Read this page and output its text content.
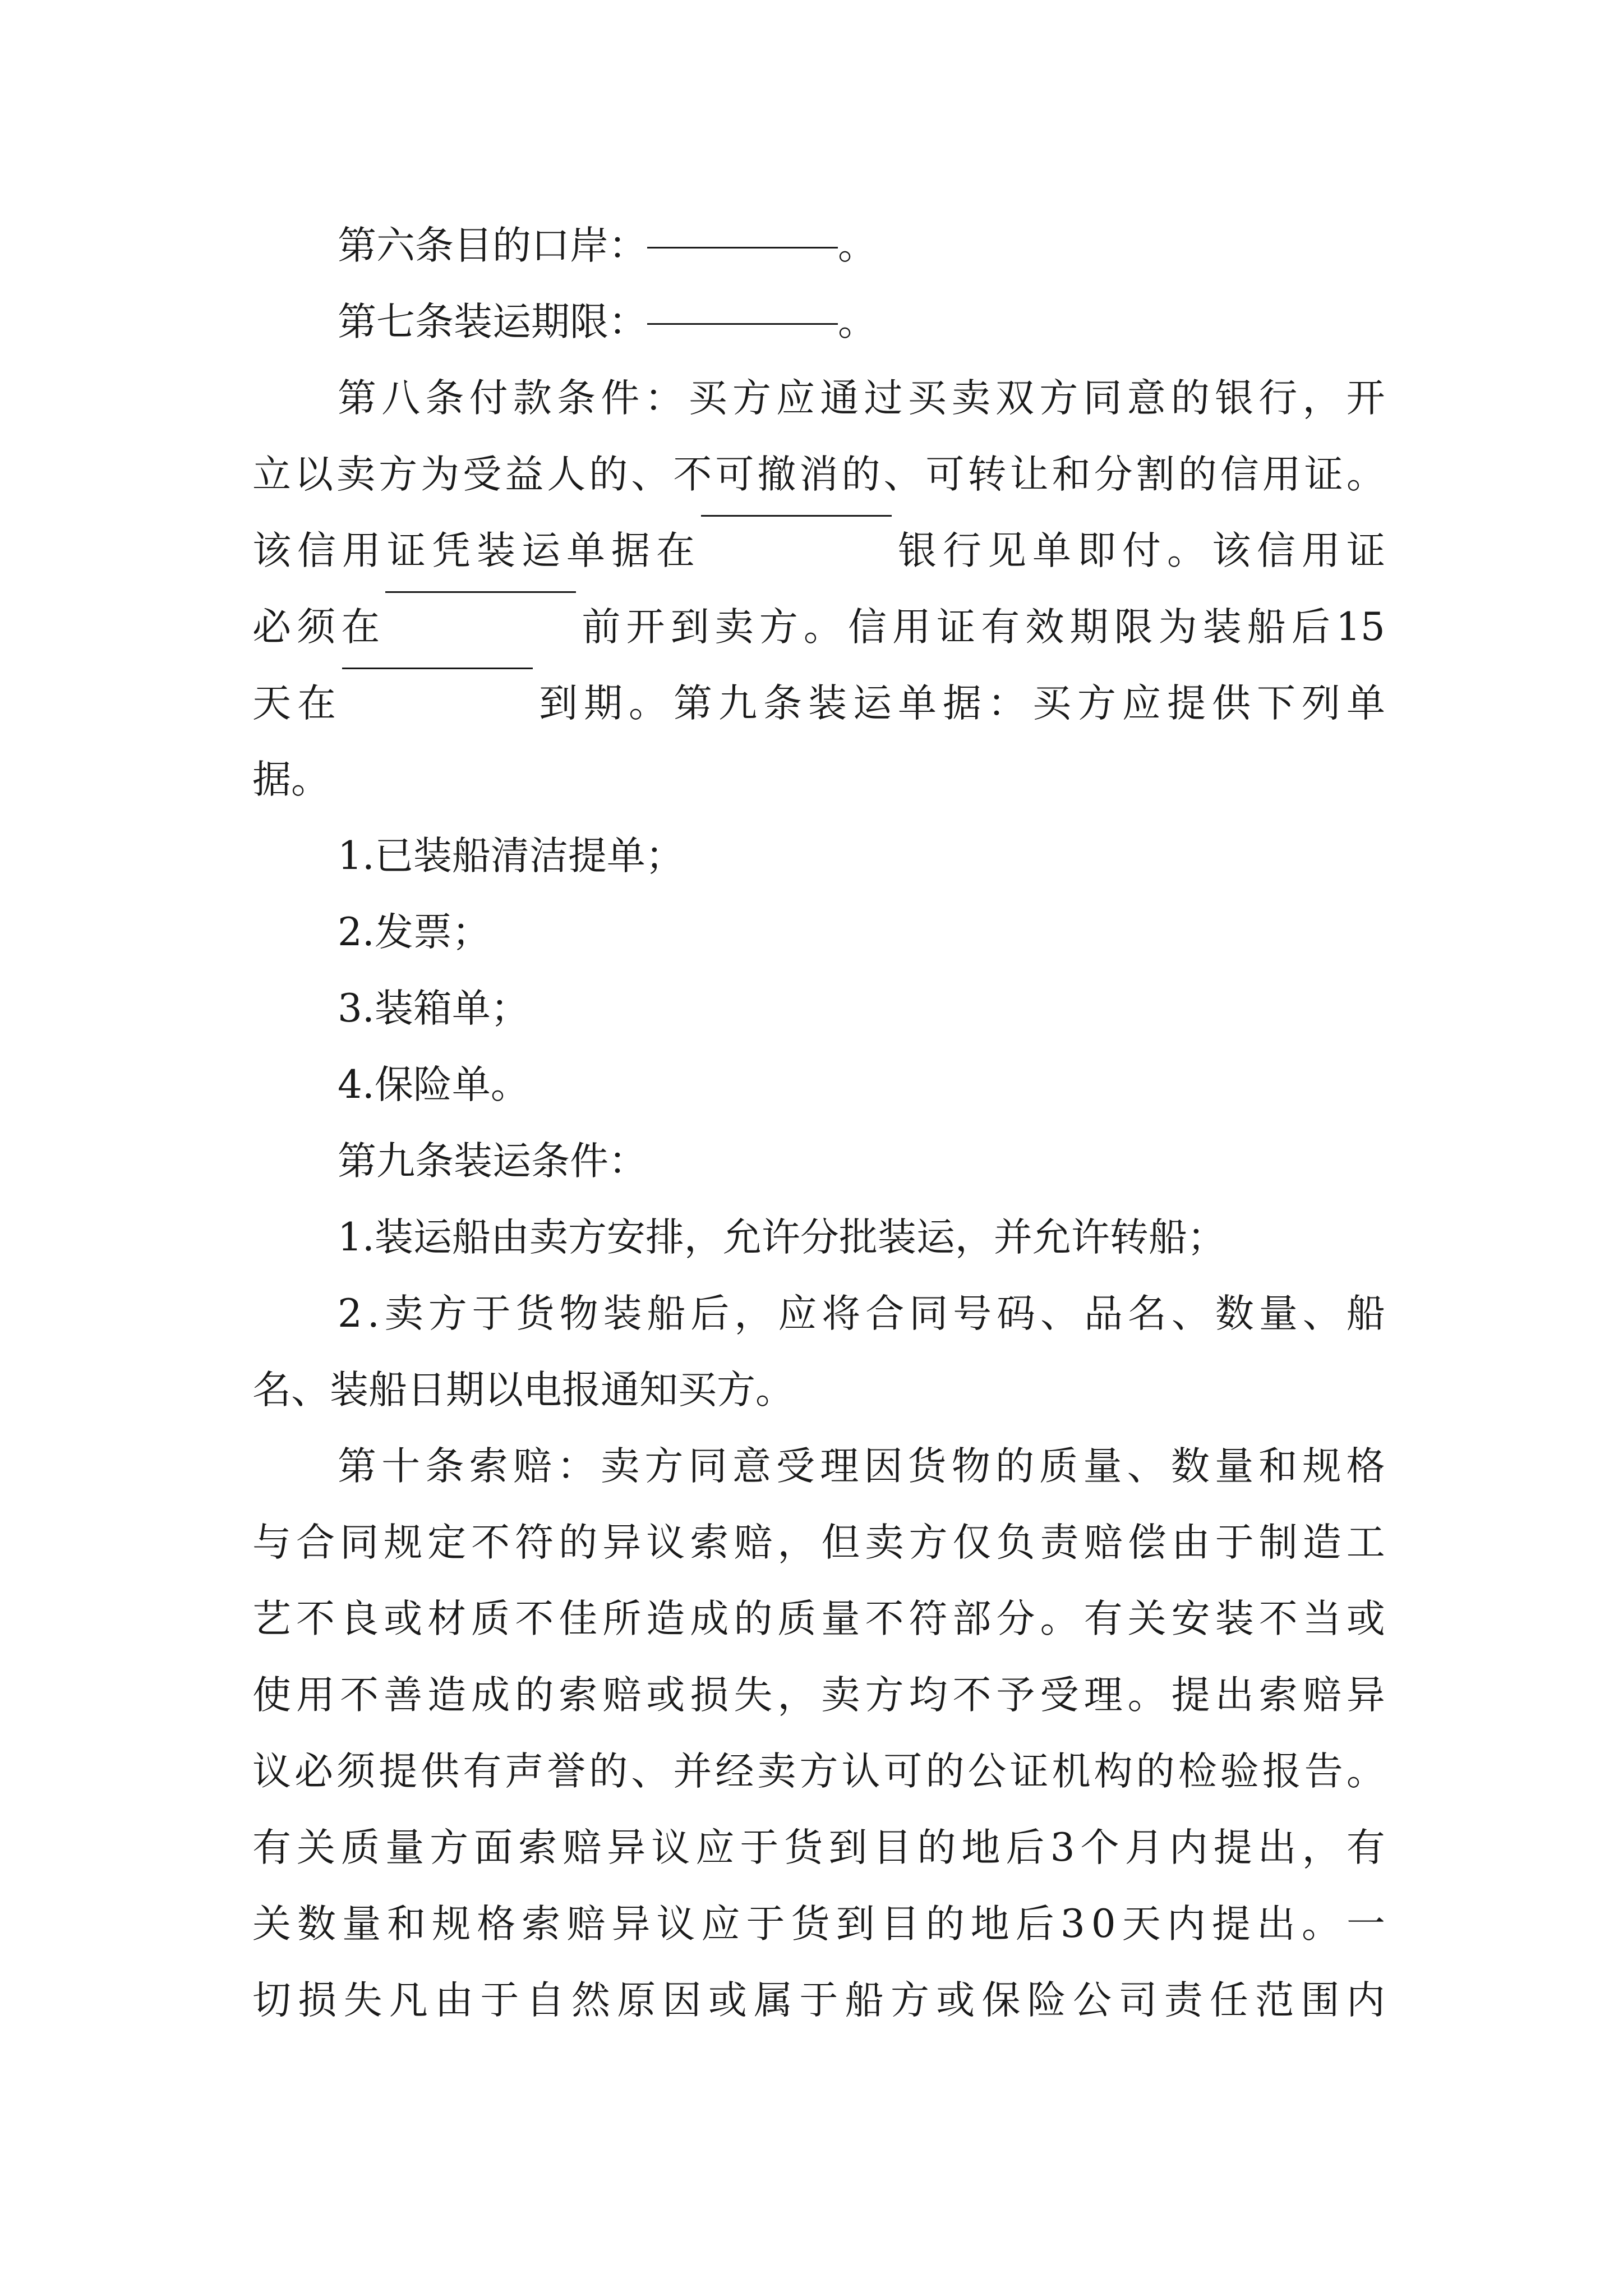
第六条目的口岸：	。
第七条装运期限：	。
第 八 条 付 款 条 件 ： 买 方 应 通 过 买 卖 双 方 同 意 的 银 行 ， 开
立 以 卖 方 为 受 益 人 的 、 不 可 撤 消 的 、 可 转 让 和 分 割 的 信 用 证 。
该 信 用 证 凭 装 运 单 据 在	银 行 见 单 即 付 。 该 信 用 证
必 须 在	前 开 到 卖 方 。 信 用 证 有 效 期 限 为 装 船 后 15
天 在	到 期 。 第 九 条 装 运 单 据 ： 买 方 应 提 供 下 列 单
据。
1.已装船清洁提单；
2.发票；
3.装箱单；
4.保险单。
第九条装运条件：
1.装运船由卖方安排，允许分批装运，并允许转船；
2 . 卖 方 于 货 物 装 船 后 ， 应 将 合 同 号 码 、 品 名 、 数 量 、 船
名、装船日期以电报通知买方。
第 十 条 索 赔 ： 卖 方 同 意 受 理 因 货 物 的 质 量 、 数 量 和 规 格
与 合 同 规 定 不 符 的 异 议 索 赔 ， 但 卖 方 仅 负 责 赔 偿 由 于 制 造 工
艺 不 良 或 材 质 不 佳 所 造 成 的 质 量 不 符 部 分 。 有 关 安 装 不 当 或
使 用 不 善 造 成 的 索 赔 或 损 失 ， 卖 方 均 不 予 受 理 。 提 出 索 赔 异
议 必 须 提 供 有 声 誉 的 、 并 经 卖 方 认 可 的 公 证 机 构 的 检 验 报 告 。
有 关 质 量 方 面 索 赔 异 议 应 于 货 到 目 的 地 后 3 个 月 内 提 出 ， 有
关 数 量 和 规 格 索 赔 异 议 应 于 货 到 目 的 地 后 3 0 天 内 提 出 。 一
切 损 失 凡 由 于 自 然 原 因 或 属 于 船 方 或 保 险 公 司 责 任 范 围 内
